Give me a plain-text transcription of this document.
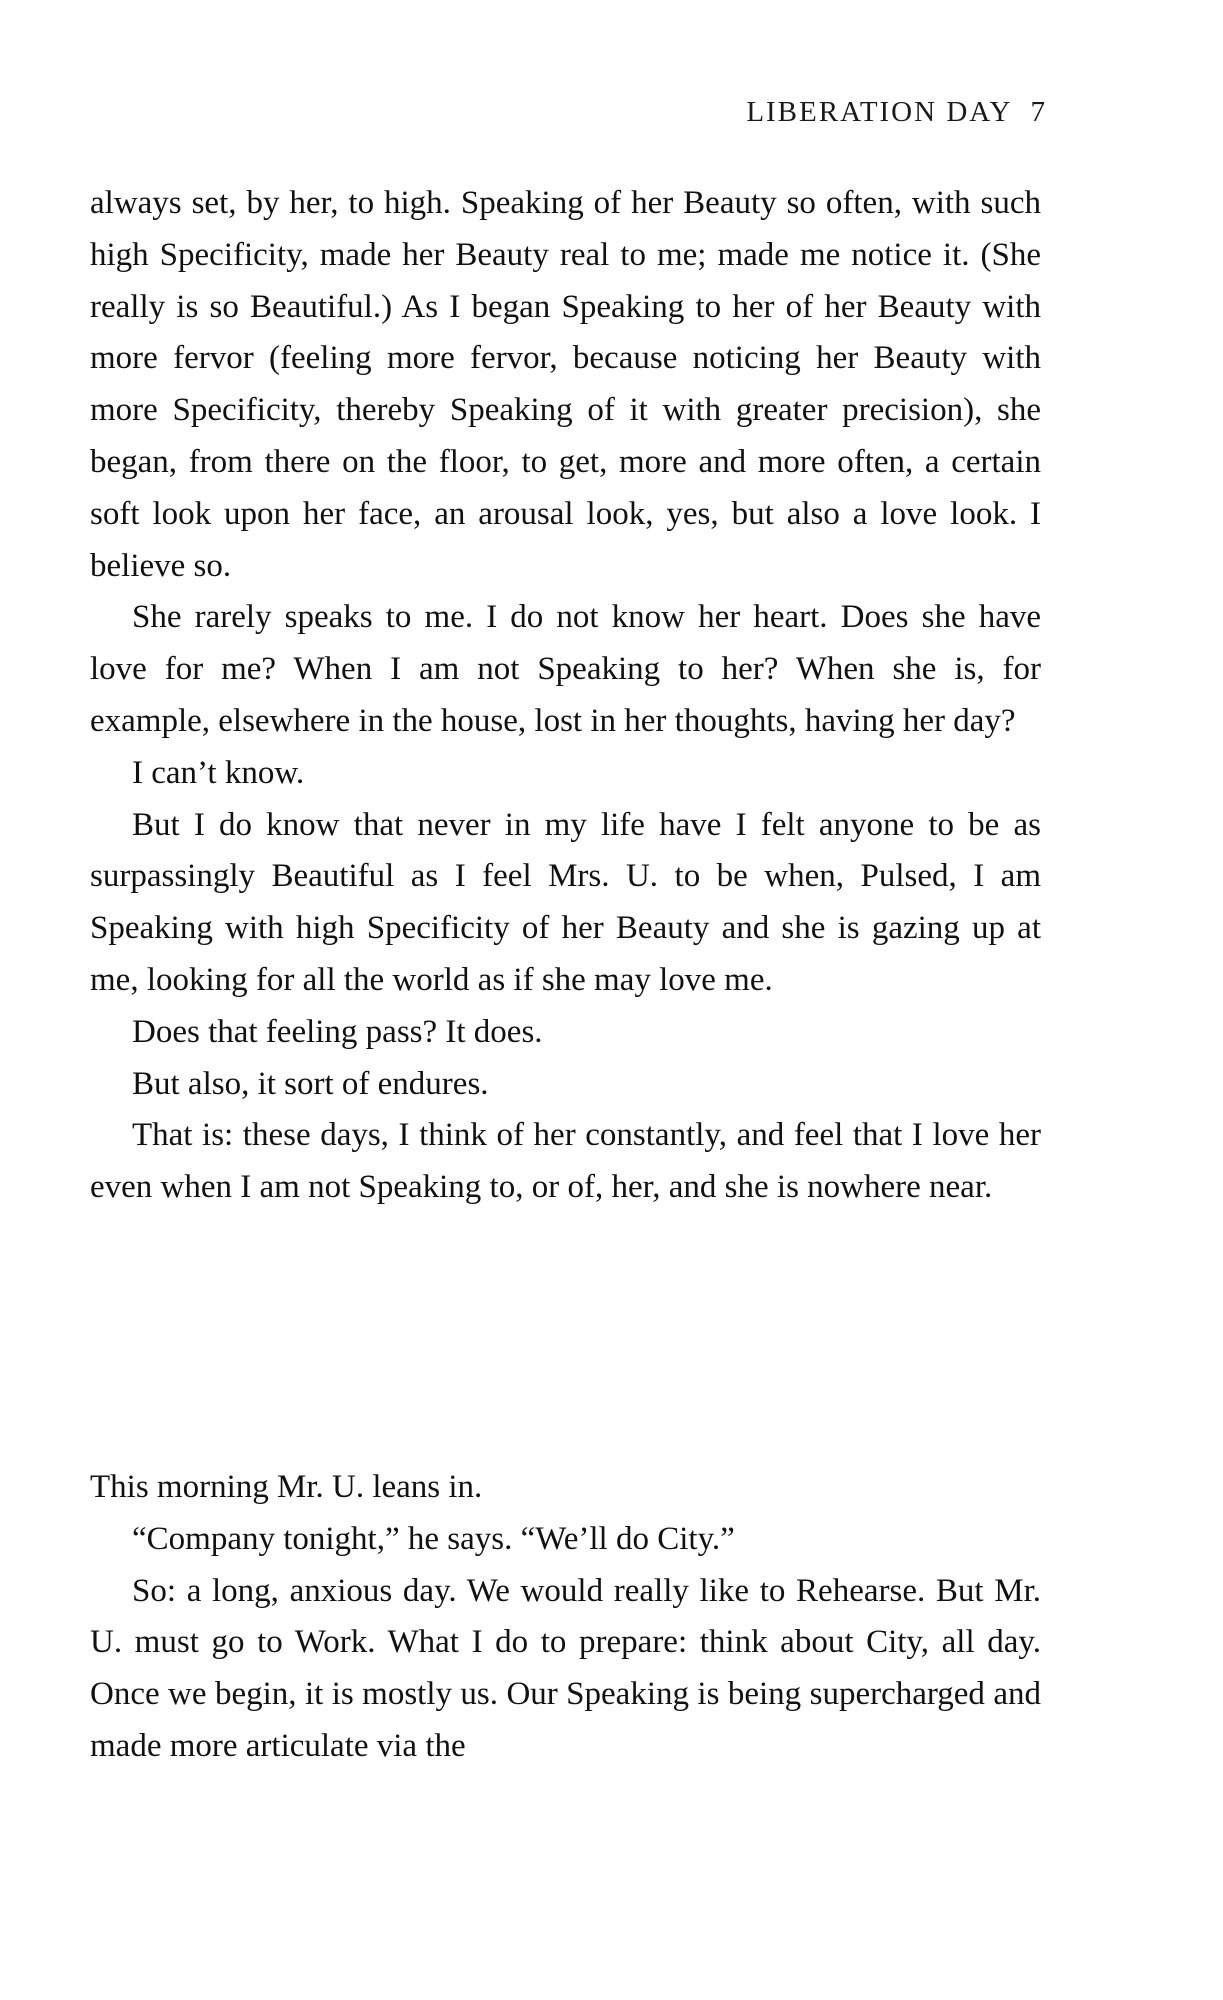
LIBERATION DAY 7

always set, by her, to high. Speaking of her Beauty so often, with such high Specificity, made her Beauty real to me; made me notice it. (She really is so Beautiful.) As I began Speaking to her of her Beauty with more fervor (feeling more fervor, because noticing her Beauty with more Specificity, thereby Speaking of it with greater precision), she began, from there on the floor, to get, more and more often, a certain soft look upon her face, an arousal look, yes, but also a love look. I believe so.

She rarely speaks to me. I do not know her heart. Does she have love for me? When I am not Speaking to her? When she is, for example, elsewhere in the house, lost in her thoughts, having her day?

I can’t know.

But I do know that never in my life have I felt anyone to be as surpassingly Beautiful as I feel Mrs. U. to be when, Pulsed, I am Speaking with high Specificity of her Beauty and she is gazing up at me, looking for all the world as if she may love me.

Does that feeling pass? It does.

But also, it sort of endures.

That is: these days, I think of her constantly, and feel that I love her even when I am not Speaking to, or of, her, and she is nowhere near.

This morning Mr. U. leans in.

“Company tonight,” he says. “We’ll do City.”

So: a long, anxious day. We would really like to Rehearse. But Mr. U. must go to Work. What I do to prepare: think about City, all day. Once we begin, it is mostly us. Our Speaking is being supercharged and made more articulate via the
